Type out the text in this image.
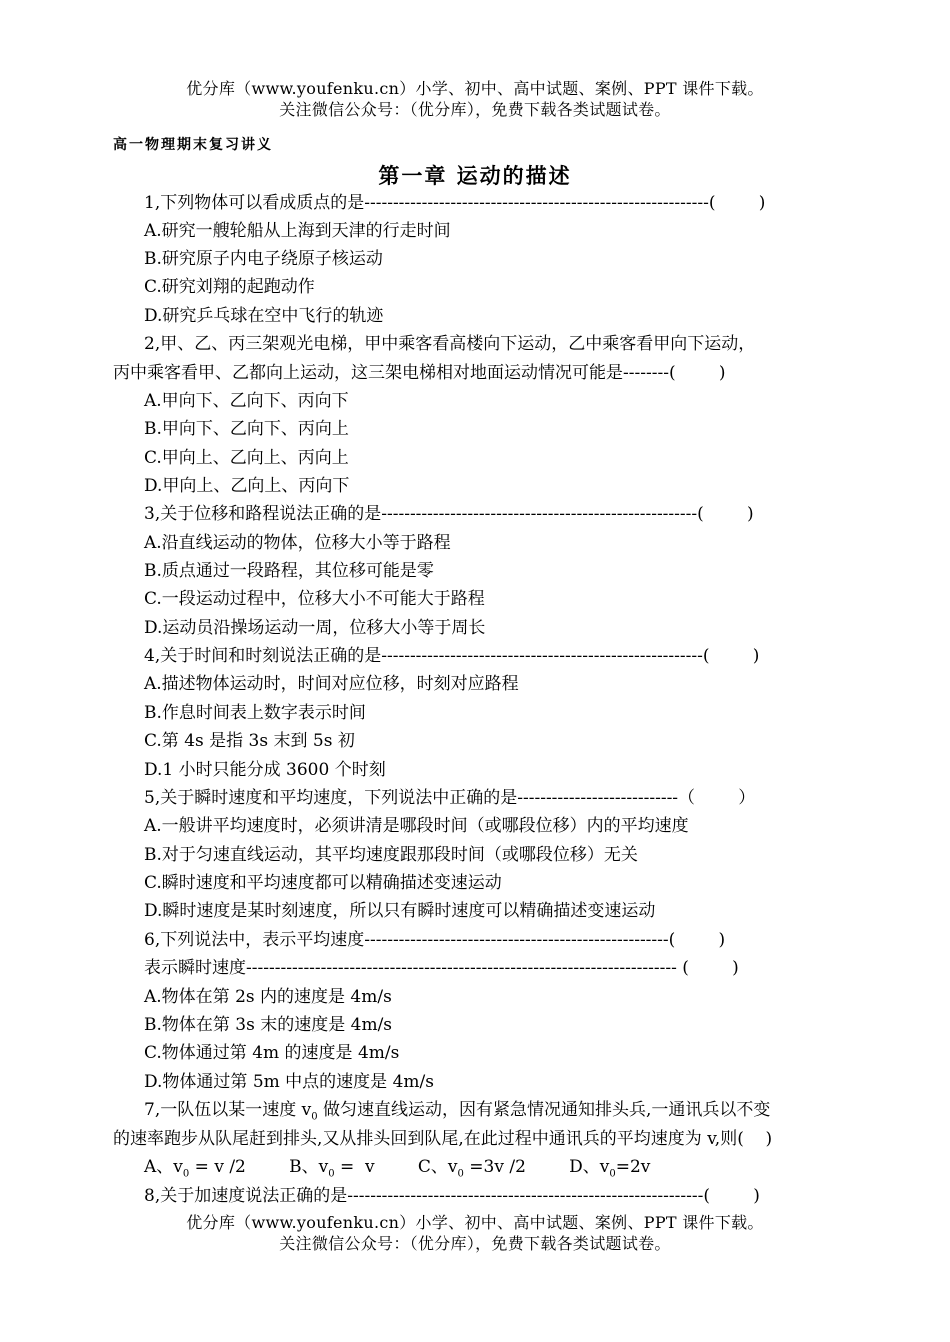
优分库（www.youfenku.cn）小学、初中、高中试题、案例、PPT 课件下载。
关注微信公众号：（优分库），免费下载各类试题试卷。
高一物理期末复习讲义
第一章 运动的描述
1,下列物体可以看成质点的是------------------------------------------------------------(        )
A.研究一艘轮船从上海到天津的行走时间
B.研究原子内电子绕原子核运动
C.研究刘翔的起跑动作
D.研究乒乓球在空中飞行的轨迹
2,甲、乙、丙三架观光电梯，甲中乘客看高楼向下运动，乙中乘客看甲向下运动，
丙中乘客看甲、乙都向上运动，这三架电梯相对地面运动情况可能是--------(        )
A.甲向下、乙向下、丙向下
B.甲向下、乙向下、丙向上
C.甲向上、乙向上、丙向上
D.甲向上、乙向上、丙向下
3,关于位移和路程说法正确的是-------------------------------------------------------(        )
A.沿直线运动的物体，位移大小等于路程
B.质点通过一段路程，其位移可能是零
C.一段运动过程中，位移大小不可能大于路程
D.运动员沿操场运动一周，位移大小等于周长
4,关于时间和时刻说法正确的是--------------------------------------------------------(        )
A.描述物体运动时，时间对应位移，时刻对应路程
B.作息时间表上数字表示时间
C.第 4s 是指 3s 末到 5s 初
D.1 小时只能分成 3600 个时刻
5,关于瞬时速度和平均速度，下列说法中正确的是----------------------------（        ）
A.一般讲平均速度时，必须讲清是哪段时间（或哪段位移）内的平均速度
B.对于匀速直线运动，其平均速度跟那段时间（或哪段位移）无关
C.瞬时速度和平均速度都可以精确描述变速运动
D.瞬时速度是某时刻速度，所以只有瞬时速度可以精确描述变速运动
6,下列说法中，表示平均速度-----------------------------------------------------(        )
表示瞬时速度--------------------------------------------------------------------------- (        )
A.物体在第 2s 内的速度是 4m/s
B.物体在第 3s 末的速度是 4m/s
C.物体通过第 4m 的速度是 4m/s
D.物体通过第 5m 中点的速度是 4m/s
7,一队伍以某一速度 $v_0$ 做匀速直线运动，因有紧急情况通知排头兵,一通讯兵以不变
的速率跑步从队尾赶到排头,又从排头回到队尾,在此过程中通讯兵的平均速度为 v,则(    )
A、$v_0 = v$ /2	B、$v_0 = v$	C、$v_0 =3v$ /2	D、$v_0=2v$
8,关于加速度说法正确的是--------------------------------------------------------------(        )
优分库（www.youfenku.cn）小学、初中、高中试题、案例、PPT 课件下载。
关注微信公众号：（优分库），免费下载各类试题试卷。
